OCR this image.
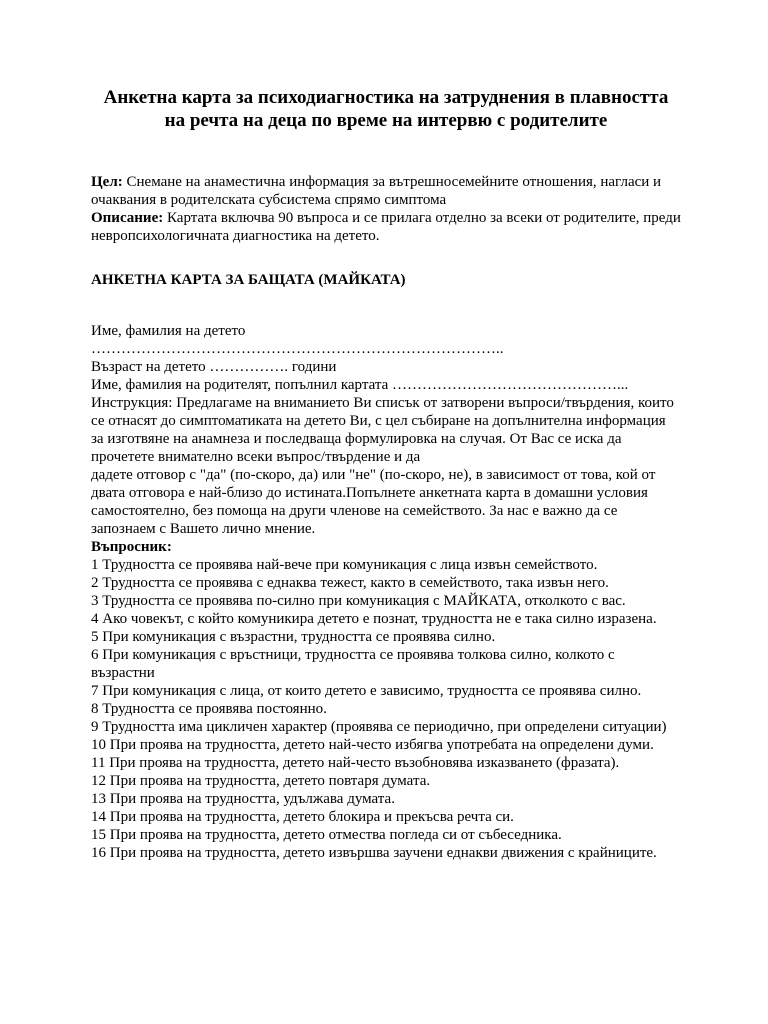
Анкетна карта за психодиагностика на затруднения в плавността
на речта на деца по време на интервю с родителите

Цел: Снемане на анаместична информация за вътрешносемейните отношения, нагласи и очаквания в родителската субсистема спрямо симптома

Описание: Картата включва 90 въпроса и се прилага отделно за всеки от родителите, преди невропсихологичната диагностика на детето.

АНКЕТНА КАРТА ЗА БАЩАТА (МАЙКАТА)

Име, фамилия на детето

………………………………………………………………………..

Възраст на детето ……………. години

Име, фамилия на родителят, попълнил картата ………………………………………...

Инструкция: Предлагаме на вниманието Ви списък от затворени въпроси/твърдения, които се отнасят до симптоматиката на детето Ви, с цел събиране на допълнителна информация за изготвяне на анамнеза и последваща формулировка на случая. От Вас се иска да прочетете внимателно всеки въпрос/твърдение и да

дадете отговор с "да" (по-скоро, да) или "не" (по-скоро, не), в зависимост от това, кой от двата отговора е най-близо до истината.Попълнете анкетната карта в домашни условия самостоятелно, без помоща на други членове на семейството. За нас е важно да се запознаем с Вашето лично мнение.

Въпросник:

1 Трудността се проявява най-вече при комуникация с лица извън семейството.
2 Трудността се проявява с еднаква тежест, както в семейството, така извън него.
3 Трудността се проявява по-силно при комуникация с МАЙКАТА, отколкото с вас.
4 Ако човекът, с който комуникира детето е познат, трудността не е така силно изразена.
5 При комуникация с възрастни, трудността се проявява силно.
6 При комуникация с връстници, трудността се проявява толкова силно, колкото с възрастни
7 При комуникация с лица, от които детето е зависимо, трудността се проявява силно.
8 Трудността се проявява постоянно.
9 Трудността има цикличен характер (проявява се периодично, при определени ситуации)
10 При проява на трудността, детето най-често избягва употребата на определени думи.
11 При проява на трудността, детето най-често възобновява изказването (фразата).
12 При проява на трудността, детето повтаря думата.
13 При проява на трудността, удължава думата.
14 При проява на трудността, детето блокира и прекъсва речта си.
15 При проява на трудността, детето отмества погледа си от събеседника.
16 При проява на трудността, детето извършва заучени еднакви движения с крайниците.
